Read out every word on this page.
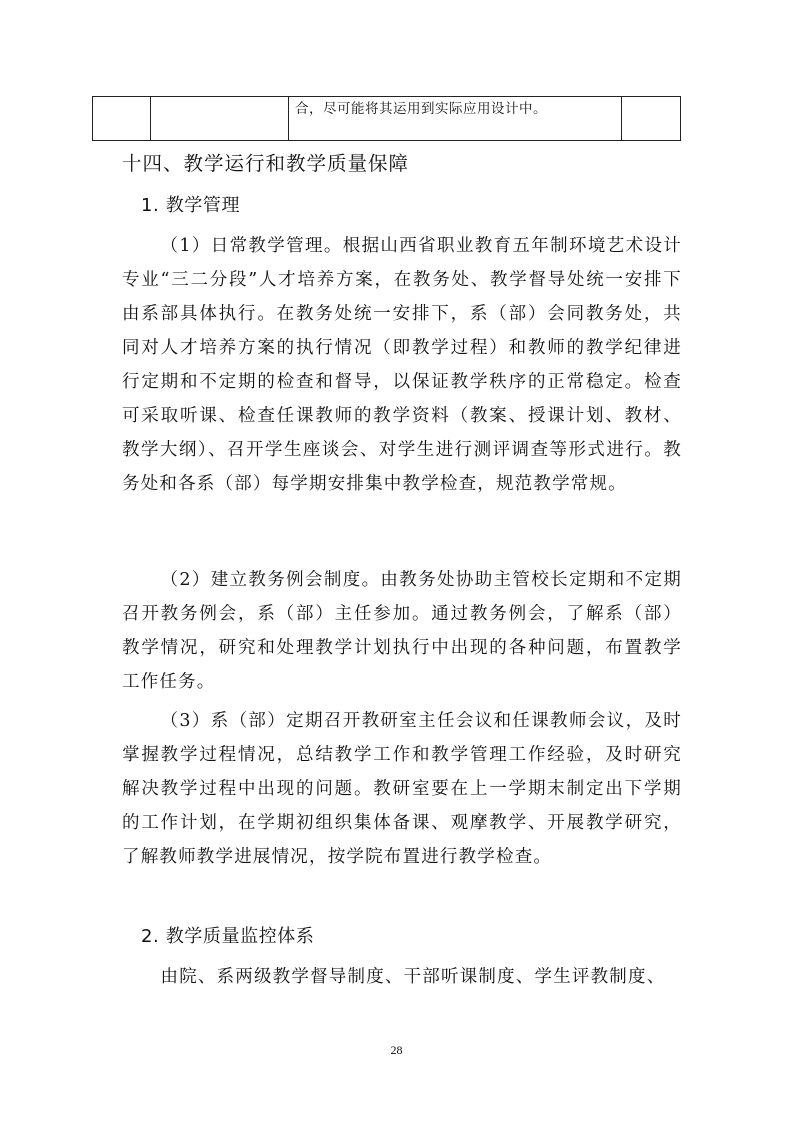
合，尽可能将其运用到实际应用设计中。
十四、教学运行和教学质量保障
1. 教学管理

（1）日常教学管理。根据山西省职业教育五年制环境艺术设计专业“三二分段”人才培养方案，在教务处、教学督导处统一安排下由系部具体执行。在教务处统一安排下，系（部）会同教务处，共同对人才培养方案的执行情况（即教学过程）和教师的教学纪律进行定期和不定期的检查和督导，以保证教学秩序的正常稳定。检查可采取听课、检查任课教师的教学资料（教案、授课计划、教材、教学大纲）、召开学生座谈会、对学生进行测评调查等形式进行。教务处和各系（部）每学期安排集中教学检查，规范教学常规。

（2）建立教务例会制度。由教务处协助主管校长定期和不定期召开教务例会，系（部）主任参加。通过教务例会，了解系（部）教学情况，研究和处理教学计划执行中出现的各种问题，布置教学工作任务。

（3）系（部）定期召开教研室主任会议和任课教师会议，及时掌握教学过程情况，总结教学工作和教学管理工作经验，及时研究解决教学过程中出现的问题。教研室要在上一学期末制定出下学期的工作计划，在学期初组织集体备课、观摩教学、开展教学研究，了解教师教学进展情况，按学院布置进行教学检查。

2. 教学质量监控体系

由院、系两级教学督导制度、干部听课制度、学生评教制度、

28
